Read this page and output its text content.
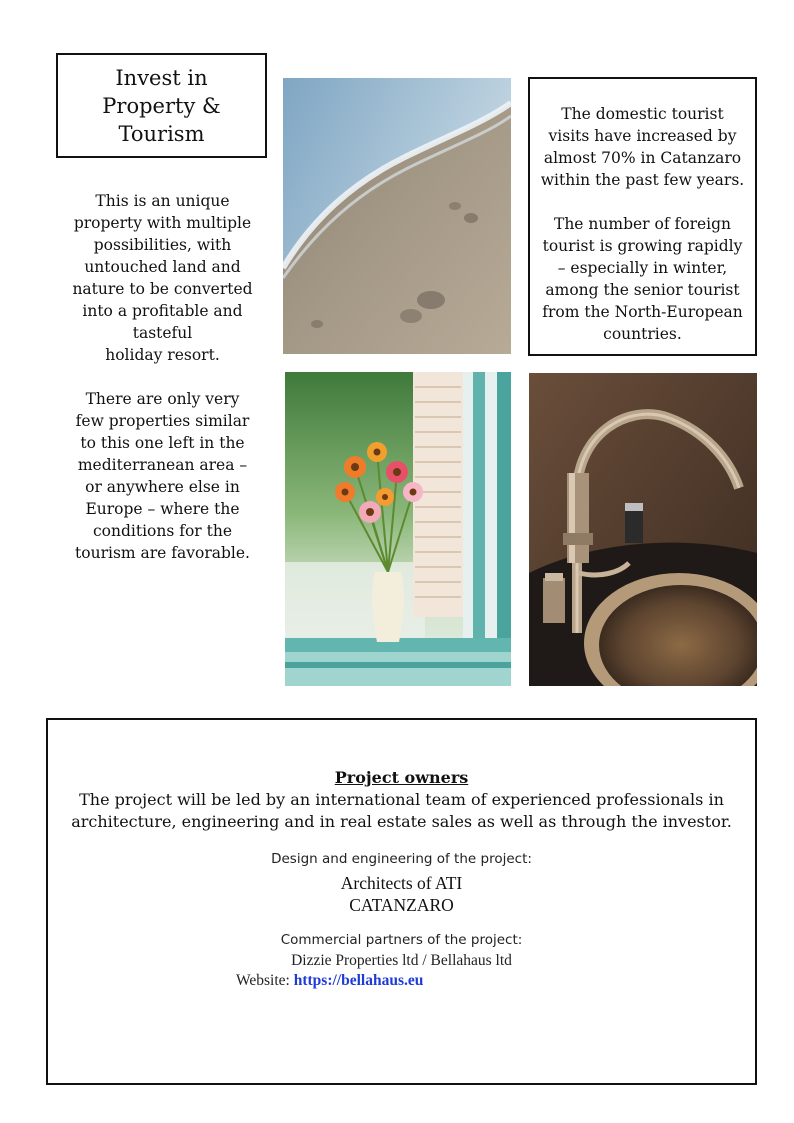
Invest in
Property &
Tourism

This is an unique
property with multiple
possibilities, with
untouched land and
nature to be converted
into a profitable and
tasteful
holiday resort.

There are only very
few properties similar
to this one left in the
mediterranean area –
or anywhere else in
Europe – where the
conditions for the
tourism are favorable.

The domestic tourist
visits have increased by
almost 70% in Catanzaro
within the past few years.

The number of foreign
tourist is growing rapidly
– especially in winter,
among the senior tourist
from the North-European
countries.

Project owners
The project will be led by an international team of experienced professionals in
architecture, engineering and in real estate sales as well as through the investor.
Design and engineering of the project:
Architects of ATI
CATANZARO
Commercial partners of the project:
Dizzie Properties ltd / Bellahaus ltd
Website: https://bellahaus.eu
